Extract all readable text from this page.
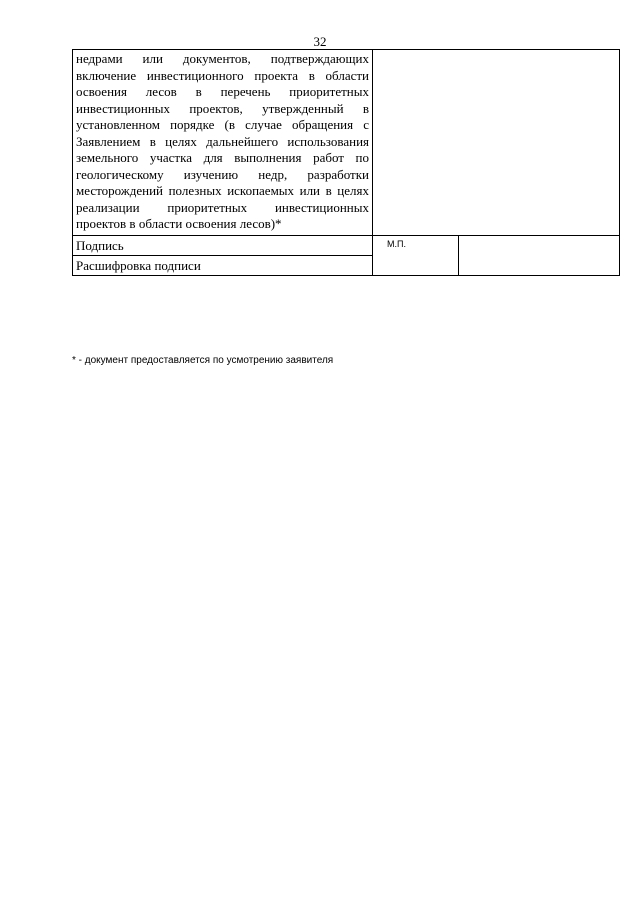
32
недрами или документов, подтверждающих включение инвестиционного проекта в области освоения лесов в перечень приоритетных инвестиционных проектов, утвержденный в установленном порядке (в случае обращения с Заявлением в целях дальнейшего использования земельного участка для выполнения работ по геологическому изучению недр, разработки месторождений полезных ископаемых или в целях реализации приоритетных инвестиционных проектов в области освоения лесов)*		

Подпись	М.П.	

Расшифровка подписи		
* - документ предоставляется по усмотрению заявителя
